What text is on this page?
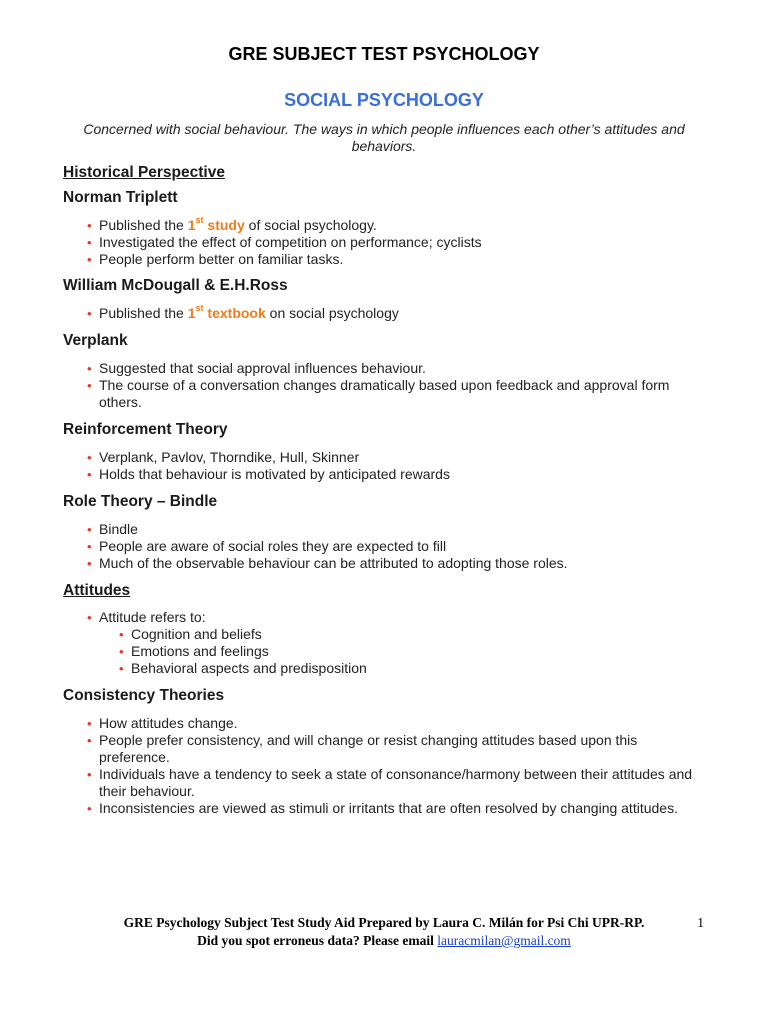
GRE SUBJECT TEST PSYCHOLOGY
SOCIAL PSYCHOLOGY
Concerned with social behaviour. The ways in which people influences each other’s attitudes and behaviors.
Historical Perspective
Norman Triplett
• Published the 1st study of social psychology.
• Investigated the effect of competition on performance; cyclists
• People perform better on familiar tasks.
William McDougall & E.H.Ross
• Published the 1st textbook on social psychology
Verplank
• Suggested that social approval influences behaviour.
• The course of a conversation changes dramatically based upon feedback and approval form others.
Reinforcement Theory
• Verplank, Pavlov, Thorndike, Hull, Skinner
• Holds that behaviour is motivated by anticipated rewards
Role Theory – Bindle
• Bindle
• People are aware of social roles they are expected to fill
• Much of the observable behaviour can be attributed to adopting those roles.
Attitudes
• Attitude refers to:
• Cognition and beliefs
• Emotions and feelings
• Behavioral aspects and predisposition
Consistency Theories
• How attitudes change.
• People prefer consistency, and will change or resist changing attitudes based upon this preference.
• Individuals have a tendency to seek a state of consonance/harmony between their attitudes and their behaviour.
• Inconsistencies are viewed as stimuli or irritants that are often resolved by changing attitudes.
GRE Psychology Subject Test Study Aid Prepared by Laura C. Milán for Psi Chi UPR-RP.	1
Did you spot erroneus data? Please email lauracmilan@gmail.com
